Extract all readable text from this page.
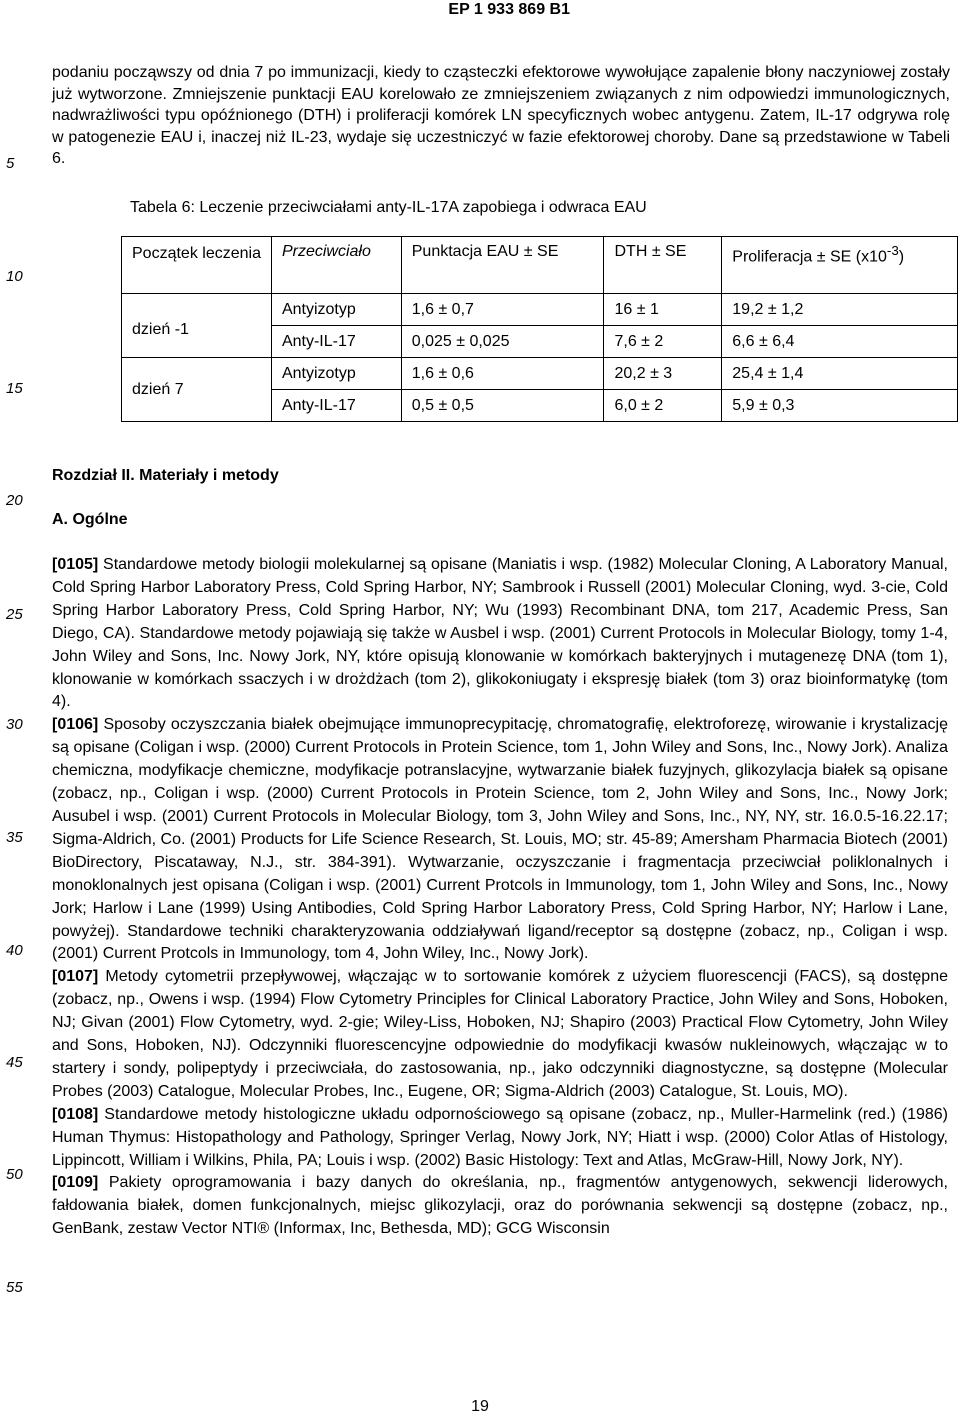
EP 1 933 869 B1
5
10
15
20
25
30
35
40
45
50
55

podaniu począwszy od dnia 7 po immunizacji, kiedy to cząsteczki efektorowe wywołujące zapalenie błony naczyniowej zostały już wytworzone. Zmniejszenie punktacji EAU korelowało ze zmniejszeniem związanych z nim odpowiedzi immunologicznych, nadwrażliwości typu opóźnionego (DTH) i proliferacji komórek LN specyficznych wobec antygenu. Zatem, IL-17 odgrywa rolę w patogenezie EAU i, inaczej niż IL-23, wydaje się uczestniczyć w fazie efektorowej choroby. Dane są przedstawione w Tabeli 6.

Tabela 6: Leczenie przeciwciałami anty-IL-17A zapobiega i odwraca EAU

Początek leczenia	Przeciwciało	Punktacja EAU ± SE	DTH ± SE	Proliferacja ± SE $(x10^{-3})$
dzień -1	Antyizotyp	1,6 ± 0,7	16 ± 1	19,2 ± 1,2
	Anty-IL-17	0,025 ± 0,025	7,6 ± 2	6,6 ± 6,4
dzień 7	Antyizotyp	1,6 ± 0,6	20,2 ± 3	25,4 ± 1,4
	Anty-IL-17	0,5 ± 0,5	6,0 ± 2	5,9 ± 0,3

Rozdział II. Materiały i metody

A. Ogólne

[0105] Standardowe metody biologii molekularnej są opisane (Maniatis i wsp. (1982) Molecular Cloning, A Laboratory Manual, Cold Spring Harbor Laboratory Press, Cold Spring Harbor, NY; Sambrook i Russell (2001) Molecular Cloning, wyd. 3-cie, Cold Spring Harbor Laboratory Press, Cold Spring Harbor, NY; Wu (1993) Recombinant DNA, tom 217, Academic Press, San Diego, CA). Standardowe metody pojawiają się także w Ausbel i wsp. (2001) Current Protocols in Molecular Biology, tomy 1-4, John Wiley and Sons, Inc. Nowy Jork, NY, które opisują klonowanie w komórkach bakteryjnych i mutagenezę DNA (tom 1), klonowanie w komórkach ssaczych i w drożdżach (tom 2), glikokoniugaty i ekspresję białek (tom 3) oraz bioinformatykę (tom 4).

[0106] Sposoby oczyszczania białek obejmujące immunoprecypitację, chromatografię, elektroforezę, wirowanie i krystalizację są opisane (Coligan i wsp. (2000) Current Protocols in Protein Science, tom 1, John Wiley and Sons, Inc., Nowy Jork). Analiza chemiczna, modyfikacje chemiczne, modyfikacje potranslacyjne, wytwarzanie białek fuzyjnych, glikozylacja białek są opisane (zobacz, np., Coligan i wsp. (2000) Current Protocols in Protein Science, tom 2, John Wiley and Sons, Inc., Nowy Jork; Ausubel i wsp. (2001) Current Protocols in Molecular Biology, tom 3, John Wiley and Sons, Inc., NY, NY, str. 16.0.5-16.22.17; Sigma-Aldrich, Co. (2001) Products for Life Science Research, St. Louis, MO; str. 45-89; Amersham Pharmacia Biotech (2001) BioDirectory, Piscataway, N.J., str. 384-391). Wytwarzanie, oczyszczanie i fragmentacja przeciwciał poliklonalnych i monoklonalnych jest opisana (Coligan i wsp. (2001) Current Protcols in Immunology, tom 1, John Wiley and Sons, Inc., Nowy Jork; Harlow i Lane (1999) Using Antibodies, Cold Spring Harbor Laboratory Press, Cold Spring Harbor, NY; Harlow i Lane, powyżej). Standardowe techniki charakteryzowania oddziaływań ligand/receptor są dostępne (zobacz, np., Coligan i wsp. (2001) Current Protcols in Immunology, tom 4, John Wiley, Inc., Nowy Jork).

[0107] Metody cytometrii przepływowej, włączając w to sortowanie komórek z użyciem fluorescencji (FACS), są dostępne (zobacz, np., Owens i wsp. (1994) Flow Cytometry Principles for Clinical Laboratory Practice, John Wiley and Sons, Hoboken, NJ; Givan (2001) Flow Cytometry, wyd. 2-gie; Wiley-Liss, Hoboken, NJ; Shapiro (2003) Practical Flow Cytometry, John Wiley and Sons, Hoboken, NJ). Odczynniki fluorescencyjne odpowiednie do modyfikacji kwasów nukleinowych, włączając w to startery i sondy, polipeptydy i przeciwciała, do zastosowania, np., jako odczynniki diagnostyczne, są dostępne (Molecular Probes (2003) Catalogue, Molecular Probes, Inc., Eugene, OR; Sigma-Aldrich (2003) Catalogue, St. Louis, MO).

[0108] Standardowe metody histologiczne układu odpornościowego są opisane (zobacz, np., Muller-Harmelink (red.) (1986) Human Thymus: Histopathology and Pathology, Springer Verlag, Nowy Jork, NY; Hiatt i wsp. (2000) Color Atlas of Histology, Lippincott, William i Wilkins, Phila, PA; Louis i wsp. (2002) Basic Histology: Text and Atlas, McGraw-Hill, Nowy Jork, NY).

[0109] Pakiety oprogramowania i bazy danych do określania, np., fragmentów antygenowych, sekwencji liderowych, fałdowania białek, domen funkcjonalnych, miejsc glikozylacji, oraz do porównania sekwencji są dostępne (zobacz, np., GenBank, zestaw Vector NTI® (Informax, Inc, Bethesda, MD); GCG Wisconsin

19
